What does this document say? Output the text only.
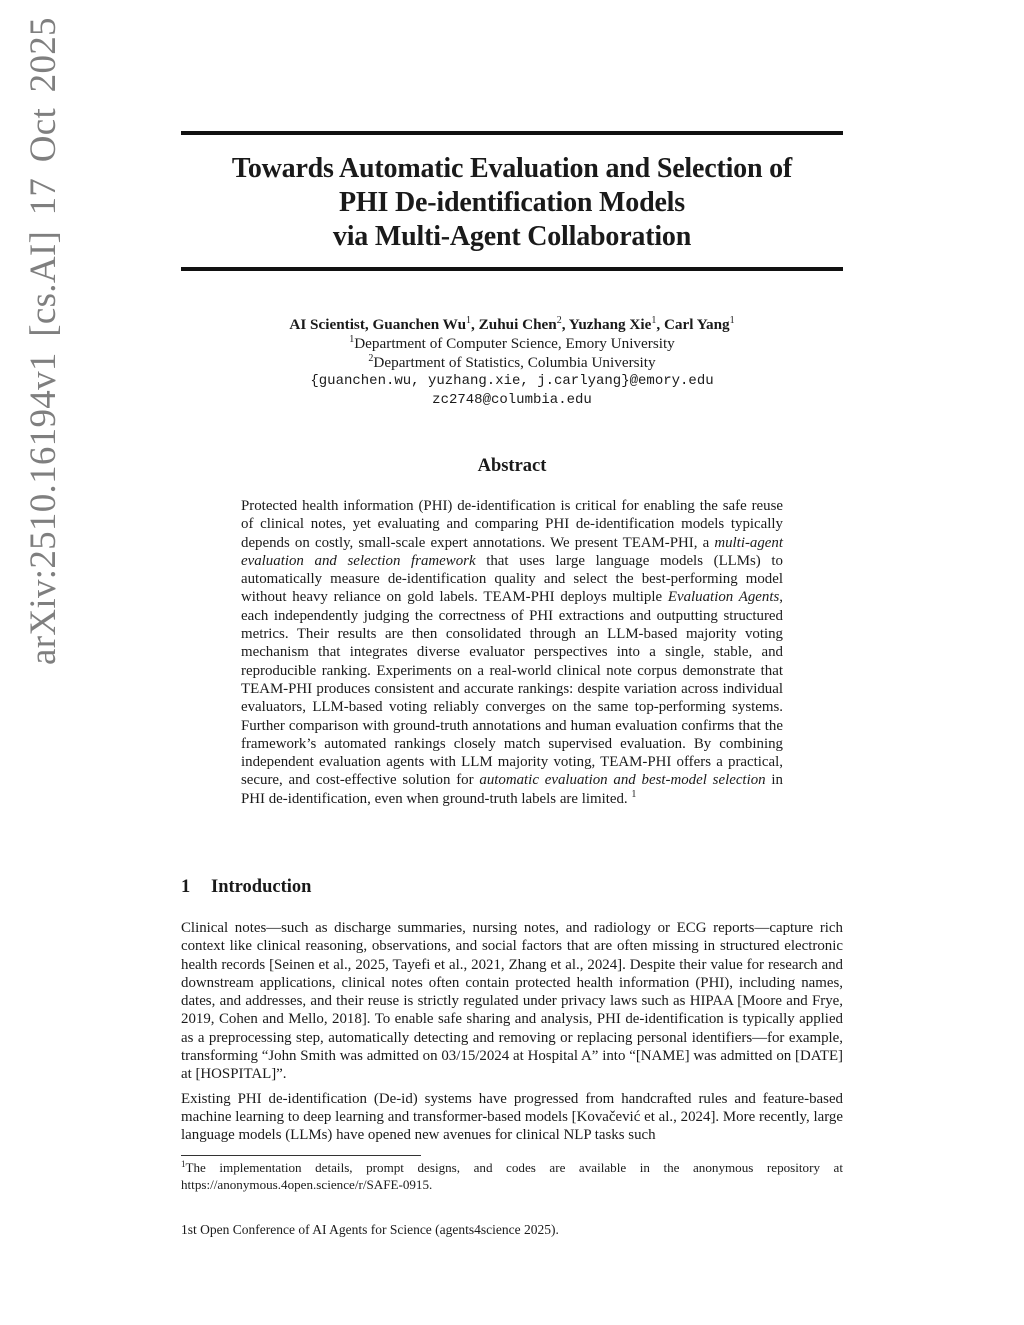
arXiv:2510.16194v1 [cs.AI] 17 Oct 2025	Towards Automatic Evaluation and Selection of
PHI De-identification Models
via Multi-Agent Collaboration
AI Scientist, Guanchen Wu$^1$, Zuhui Chen$^2$, Yuzhang Xie$^1$, Carl Yang$^1$
$^1$Department of Computer Science, Emory University
$^2$Department of Statistics, Columbia University
{guanchen.wu, yuzhang.xie, j.carlyang}@emory.edu
zc2748@columbia.edu
Abstract
Protected health information (PHI) de-identification is critical for enabling the safe reuse of clinical notes, yet evaluating and comparing PHI de-identification models typically depends on costly, small-scale expert annotations. We present TEAM-PHI, a multi-agent evaluation and selection framework that uses large language models (LLMs) to automatically measure de-identification quality and select the best-performing model without heavy reliance on gold labels. TEAM-PHI deploys multiple Evaluation Agents, each independently judging the correctness of PHI extractions and outputting structured metrics. Their results are then consolidated through an LLM-based majority voting mechanism that integrates diverse evaluator perspectives into a single, stable, and reproducible ranking. Experiments on a real-world clinical note corpus demonstrate that TEAM-PHI produces consistent and accurate rankings: despite variation across individual evaluators, LLM-based voting reliably converges on the same top-performing systems. Further comparison with ground-truth annotations and human evaluation confirms that the framework’s automated rankings closely match supervised evaluation. By combining independent evaluation agents with LLM majority voting, TEAM-PHI offers a practical, secure, and cost-effective solution for automatic evaluation and best-model selection in PHI de-identification, even when ground-truth labels are limited. $^1$
1 Introduction

Clinical notes—such as discharge summaries, nursing notes, and radiology or ECG reports—capture rich context like clinical reasoning, observations, and social factors that are often missing in structured electronic health records [Seinen et al., 2025, Tayefi et al., 2021, Zhang et al., 2024]. Despite their value for research and downstream applications, clinical notes often contain protected health information (PHI), including names, dates, and addresses, and their reuse is strictly regulated under privacy laws such as HIPAA [Moore and Frye, 2019, Cohen and Mello, 2018]. To enable safe sharing and analysis, PHI de-identification is typically applied as a preprocessing step, automatically detecting and removing or replacing personal identifiers—for example, transforming “John Smith was admitted on 03/15/2024 at Hospital A” into “[NAME] was admitted on [DATE] at [HOSPITAL]”.

Existing PHI de-identification (De-id) systems have progressed from handcrafted rules and feature-based machine learning to deep learning and transformer-based models [Kovačević et al., 2024]. More recently, large language models (LLMs) have opened new avenues for clinical NLP tasks such

$^1$The implementation details, prompt designs, and codes are available in the anonymous repository at https://anonymous.4open.science/r/SAFE-0915.
1st Open Conference of AI Agents for Science (agents4science 2025).
